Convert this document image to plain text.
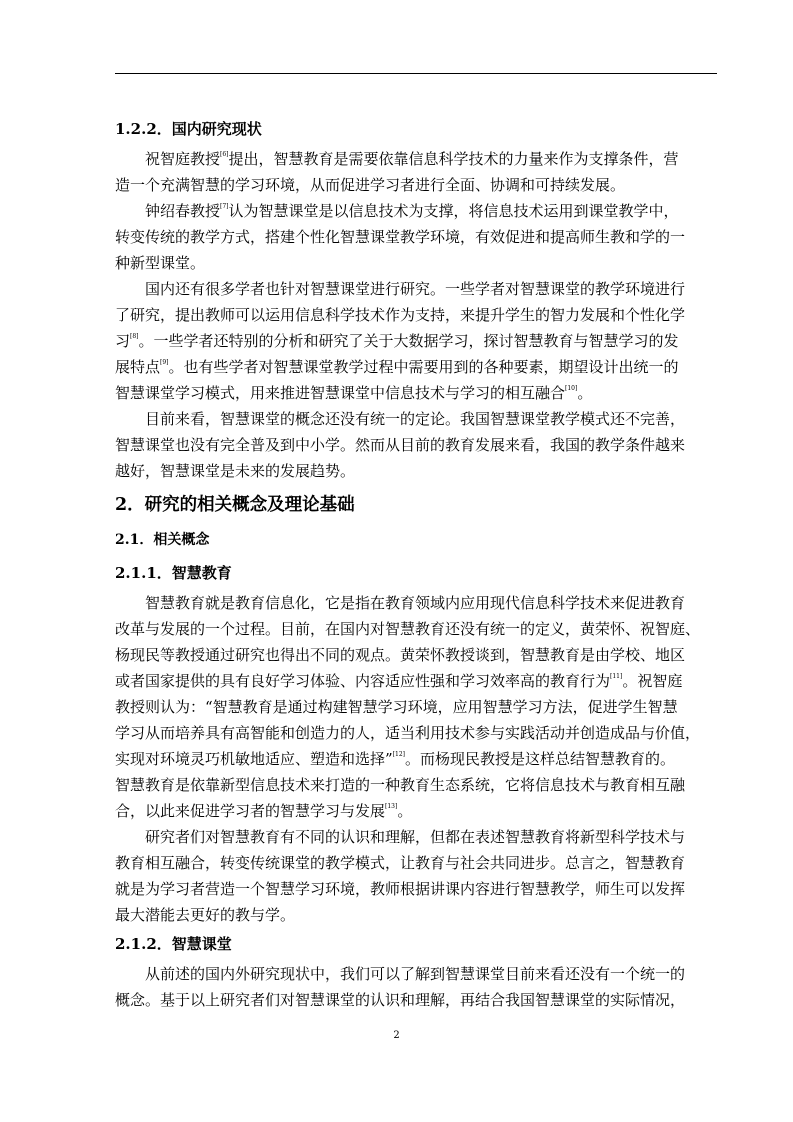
1.2.2．国内研究现状

　　祝智庭教授[6]提出，智慧教育是需要依靠信息科学技术的力量来作为支撑条件，营
造一个充满智慧的学习环境，从而促进学习者进行全面、协调和可持续发展。

　　钟绍春教授[7]认为智慧课堂是以信息技术为支撑，将信息技术运用到课堂教学中，
转变传统的教学方式，搭建个性化智慧课堂教学环境，有效促进和提高师生教和学的一
种新型课堂。

　　国内还有很多学者也针对智慧课堂进行研究。一些学者对智慧课堂的教学环境进行
了研究，提出教师可以运用信息科学技术作为支持，来提升学生的智力发展和个性化学
习[8]。一些学者还特别的分析和研究了关于大数据学习，探讨智慧教育与智慧学习的发
展特点[9]。也有些学者对智慧课堂教学过程中需要用到的各种要素，期望设计出统一的
智慧课堂学习模式，用来推进智慧课堂中信息技术与学习的相互融合[10]。

　　目前来看，智慧课堂的概念还没有统一的定论。我国智慧课堂教学模式还不完善，
智慧课堂也没有完全普及到中小学。然而从目前的教育发展来看，我国的教学条件越来
越好，智慧课堂是未来的发展趋势。

2．研究的相关概念及理论基础
2.1．相关概念
2.1.1．智慧教育

　　智慧教育就是教育信息化，它是指在教育领域内应用现代信息科学技术来促进教育
改革与发展的一个过程。目前，在国内对智慧教育还没有统一的定义，黄荣怀、祝智庭、
杨现民等教授通过研究也得出不同的观点。黄荣怀教授谈到，智慧教育是由学校、地区
或者国家提供的具有良好学习体验、内容适应性强和学习效率高的教育行为[11]。祝智庭
教授则认为：“智慧教育是通过构建智慧学习环境，应用智慧学习方法，促进学生智慧
学习从而培养具有高智能和创造力的人，适当利用技术参与实践活动并创造成品与价值，
实现对环境灵巧机敏地适应、塑造和选择”[12]。而杨现民教授是这样总结智慧教育的。
智慧教育是依靠新型信息技术来打造的一种教育生态系统，它将信息技术与教育相互融
合，以此来促进学习者的智慧学习与发展[13]。

　　研究者们对智慧教育有不同的认识和理解，但都在表述智慧教育将新型科学技术与
教育相互融合，转变传统课堂的教学模式，让教育与社会共同进步。总言之，智慧教育
就是为学习者营造一个智慧学习环境，教师根据讲课内容进行智慧教学，师生可以发挥
最大潜能去更好的教与学。

2.1.2．智慧课堂

　　从前述的国内外研究现状中，我们可以了解到智慧课堂目前来看还没有一个统一的
概念。基于以上研究者们对智慧课堂的认识和理解，再结合我国智慧课堂的实际情况，

2
